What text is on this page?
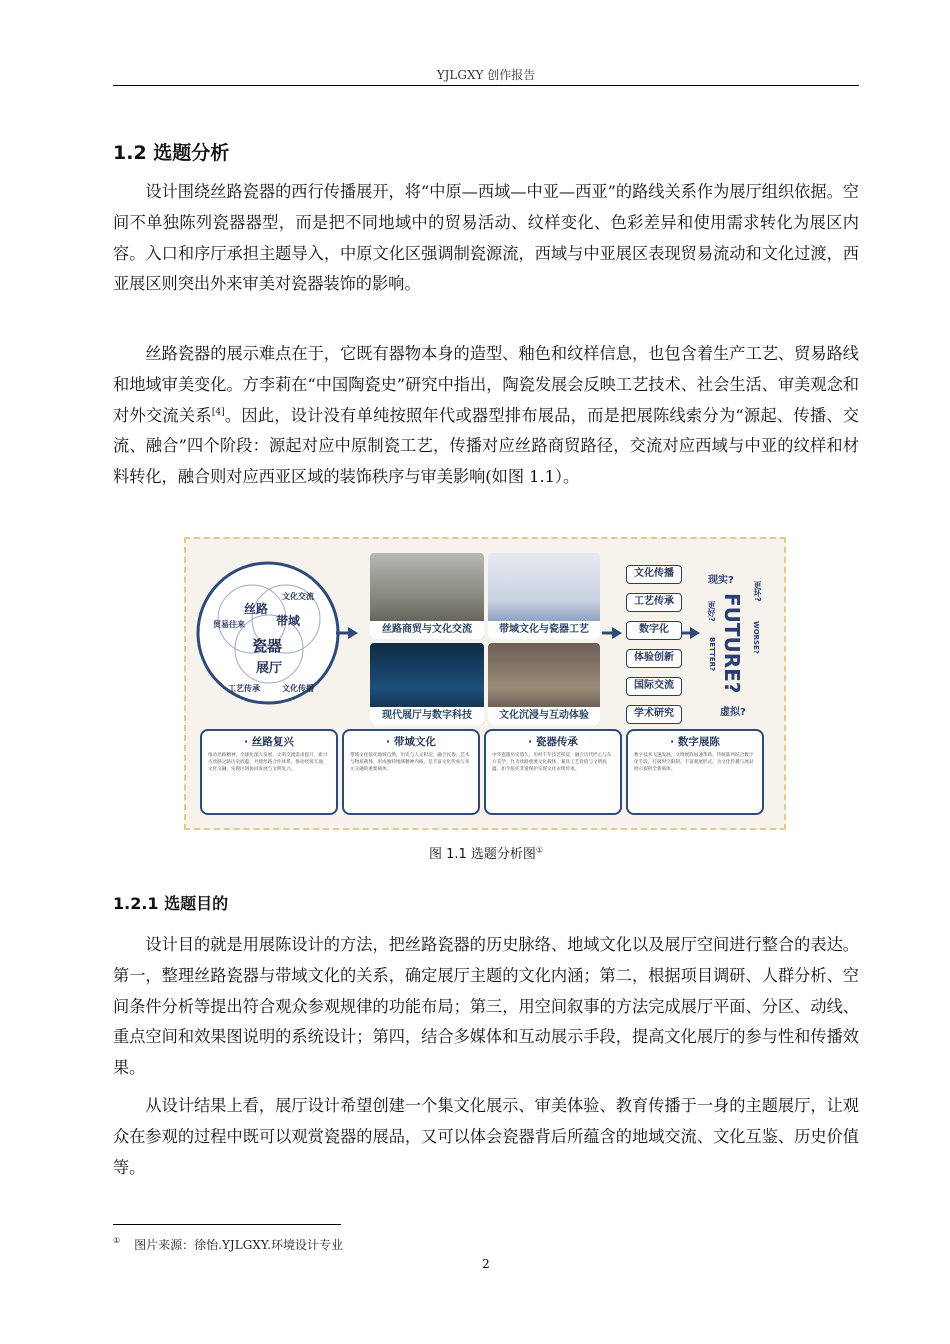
YJLGXY 创作报告
1.2 选题分析

设计围绕丝路瓷器的西行传播展开，将“中原—西域—中亚—西亚”的路线关系作为展厅组织依据。空间不单独陈列瓷器器型，而是把不同地域中的贸易活动、纹样变化、色彩差异和使用需求转化为展区内容。入口和序厅承担主题导入，中原文化区强调制瓷源流，西域与中亚展区表现贸易流动和文化过渡，西亚展区则突出外来审美对瓷器装饰的影响。

丝路瓷器的展示难点在于，它既有器物本身的造型、釉色和纹样信息，也包含着生产工艺、贸易路线和地域审美变化。方李莉在“中国陶瓷史”研究中指出，陶瓷发展会反映工艺技术、社会生活、审美观念和对外交流关系[4]。因此，设计没有单纯按照年代或器型排布展品，而是把展陈线索分为“源起、传播、交流、融合”四个阶段：源起对应中原制瓷工艺，传播对应丝路商贸路径，交流对应西域与中亚的纹样和材料转化，融合则对应西亚区域的装饰秩序与审美影响(如图 1.1）。

丝路
带域
文化交流
贸易往来
瓷器
展厅
工艺传承	文化传播
丝路商贸与文化交流	带域文化与瓷器工艺
现代展厅与数字科技	文化沉浸与互动体验
文化传播
工艺传承
数字化
体验创新
国际交流
学术研究
现实?
FUTURE?
更好?
BETTER?
更坏?
WORSE?
虚拟?
· 丝路复兴
推动丝路精神，全球化深入发展，文明交流需求提升，新兴古丝路之路历史底蕴，共建丝路合作体系。推动经贸互通，文化交融，实现区域协同发展与文明复兴。
· 带域文化
带域文化依托地域自然、历史与人文积淀，融合民俗、艺术与物质载体，形成独特地域精神内核，是丰富文化传承与多元交融的重要载体。
· 瓷器传承
中华瓷器历史悠久，历经千年技艺积淀，融合历代匠心与东方美学，作为丝路重要文化载体，兼具工艺价值与文明底蕴。如今依托非遗保护实现文化永续传承。
· 数字展陈
数字技术飞速发展，文博展陈加速革新，传统陈列结合数字化手段，打破时空限制，丰富观展形式，为文化传播与展品展示提供全新载体。
图 1.1 选题分析图①
1.2.1 选题目的

设计目的就是用展陈设计的方法，把丝路瓷器的历史脉络、地域文化以及展厅空间进行整合的表达。第一，整理丝路瓷器与带域文化的关系，确定展厅主题的文化内涵；第二，根据项目调研、人群分析、空间条件分析等提出符合观众参观规律的功能布局；第三，用空间叙事的方法完成展厅平面、分区、动线、重点空间和效果图说明的系统设计；第四，结合多媒体和互动展示手段，提高文化展厅的参与性和传播效果。

从设计结果上看，展厅设计希望创建一个集文化展示、审美体验、教育传播于一身的主题展厅，让观众在参观的过程中既可以观赏瓷器的展品，又可以体会瓷器背后所蕴含的地域交流、文化互鉴、历史价值等。

① 图片来源：徐怡.YJLGXY.环境设计专业
2
